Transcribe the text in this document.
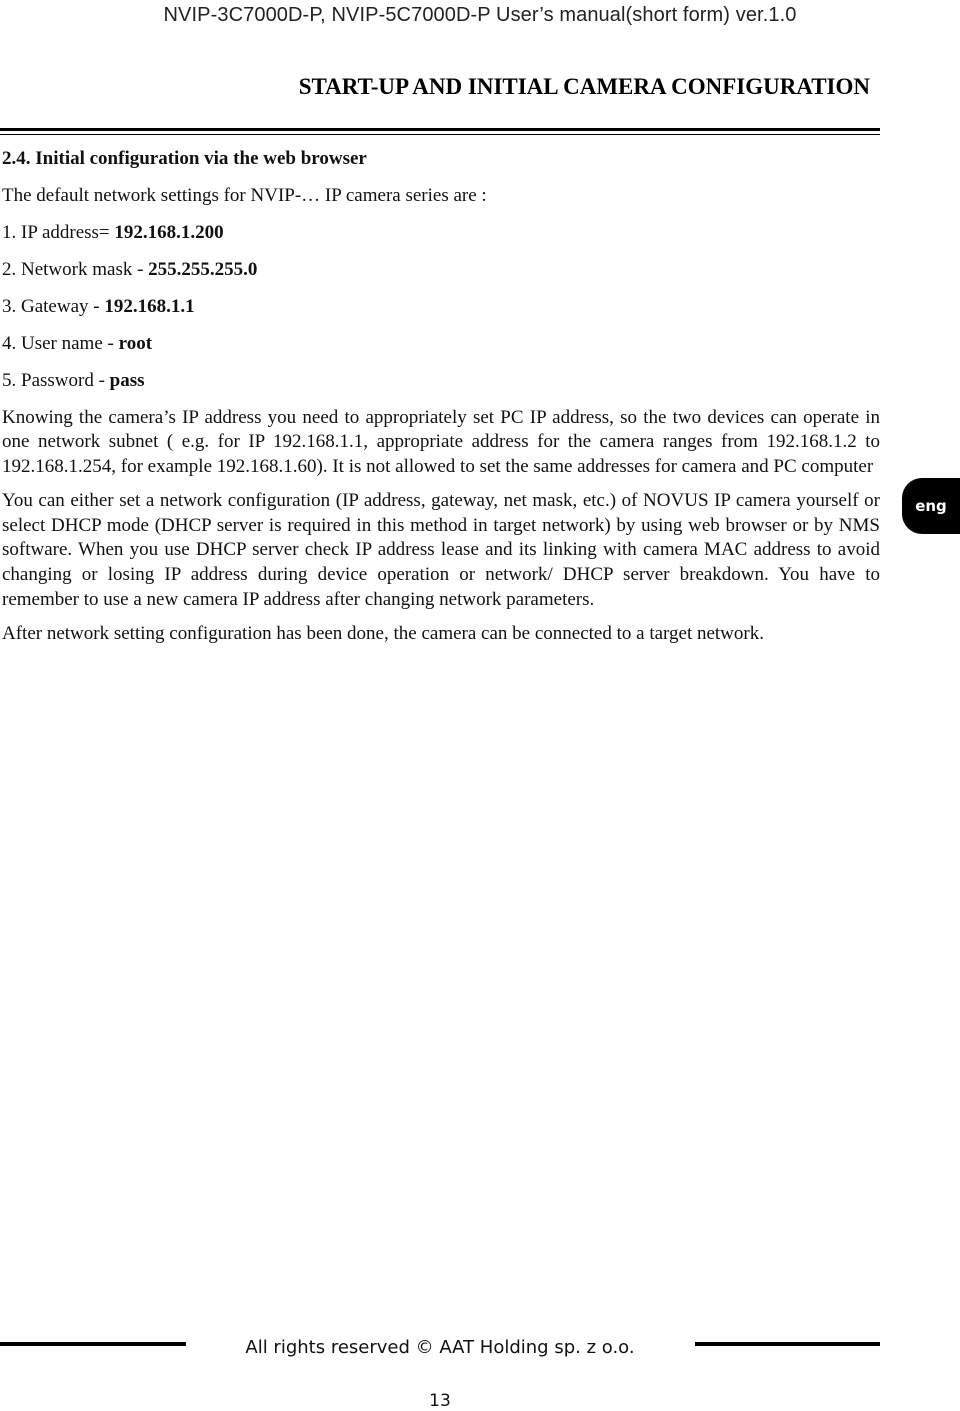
NVIP-3C7000D-P, NVIP-5C7000D-P User’s manual(short form) ver.1.0
START-UP AND INITIAL CAMERA CONFIGURATION
2.4. Initial configuration via the web browser
The default network settings for NVIP-… IP camera series are :
1. IP address= 192.168.1.200
2. Network mask - 255.255.255.0
3. Gateway - 192.168.1.1
4. User name - root
5. Password - pass

Knowing the camera’s IP address you need to appropriately set PC IP address, so the two devices can operate in one network subnet ( e.g. for IP 192.168.1.1, appropriate address for the camera ranges from 192.168.1.2 to 192.168.1.254, for example 192.168.1.60). It is not allowed to set the same addresses for camera and PC computer

You can either set a network configuration (IP address, gateway, net mask, etc.) of NOVUS IP camera yourself or select DHCP mode (DHCP server is required in this method in target network) by using web browser or by NMS software. When you use DHCP server check IP address lease and its linking with camera MAC address to avoid changing or losing IP address during device operation or network/ DHCP server breakdown. You have to remember to use a new camera IP address after changing network parameters.

After network setting configuration has been done, the camera can be connected to a target network.

eng
All rights reserved © AAT Holding sp. z o.o.
13
